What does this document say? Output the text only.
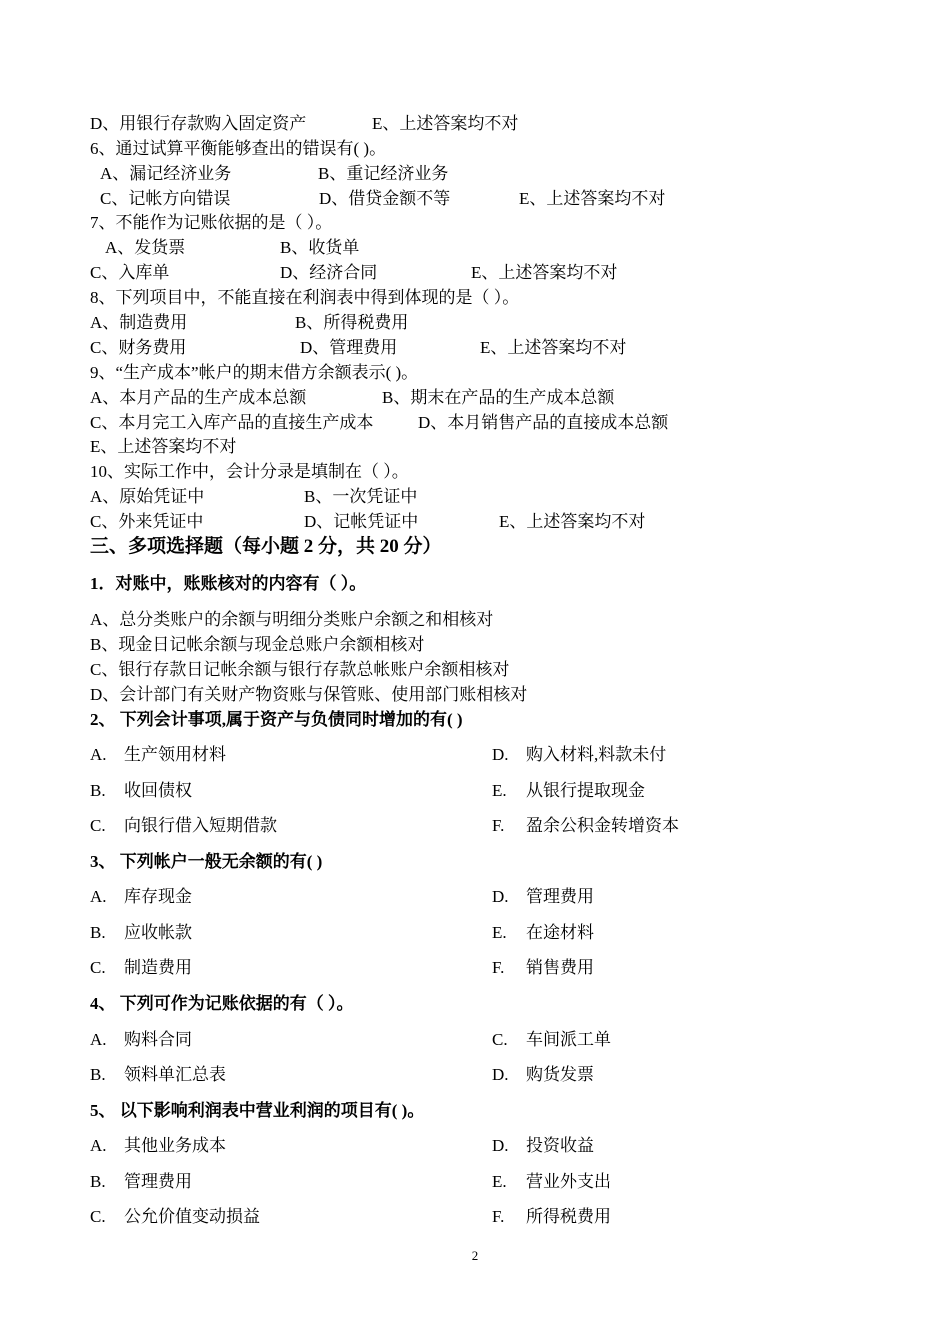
D、用银行存款购入固定资产	E、上述答案均不对
6、通过试算平衡能够查出的错误有( )。
A、漏记经济业务	B、重记经济业务
C、记帐方向错误	D、借贷金额不等	E、上述答案均不对
7、不能作为记账依据的是（ ）。
A、发货票	B、收货单
C、入库单	D、经济合同	E、上述答案均不对
8、下列项目中，不能直接在利润表中得到体现的是（ ）。
A、制造费用	B、所得税费用
C、财务费用	D、管理费用	E、上述答案均不对
9、“生产成本”帐户的期末借方余额表示( )。
A、本月产品的生产成本总额	B、期末在产品的生产成本总额
C、本月完工入库产品的直接生产成本	D、本月销售产品的直接成本总额
E、上述答案均不对
10、实际工作中，会计分录是填制在（ ）。
A、原始凭证中	B、一次凭证中
C、外来凭证中	D、记帐凭证中	E、上述答案均不对
三、多项选择题（每小题 2 分，共 20 分）
1．对账中，账账核对的内容有（ ）。
A、总分类账户的余额与明细分类账户余额之和相核对
B、现金日记帐余额与现金总账户余额相核对
C、银行存款日记帐余额与银行存款总帐账户余额相核对
D、会计部门有关财产物资账与保管账、使用部门账相核对
2、 下列会计事项,属于资产与负债同时增加的有( )
A. 生产领用材料	D. 购入材料,料款未付
B. 收回债权	E. 从银行提取现金
C. 向银行借入短期借款	F. 盈余公积金转增资本
3、 下列帐户一般无余额的有( )
A. 库存现金	D. 管理费用
B. 应收帐款	E. 在途材料
C. 制造费用	F. 销售费用
4、 下列可作为记账依据的有（ ）。
A. 购料合同	C. 车间派工单
B. 领料单汇总表	D. 购货发票
5、 以下影响利润表中营业利润的项目有( )。
A. 其他业务成本	D. 投资收益
B. 管理费用	E. 营业外支出
C. 公允价值变动损益	F. 所得税费用
2
